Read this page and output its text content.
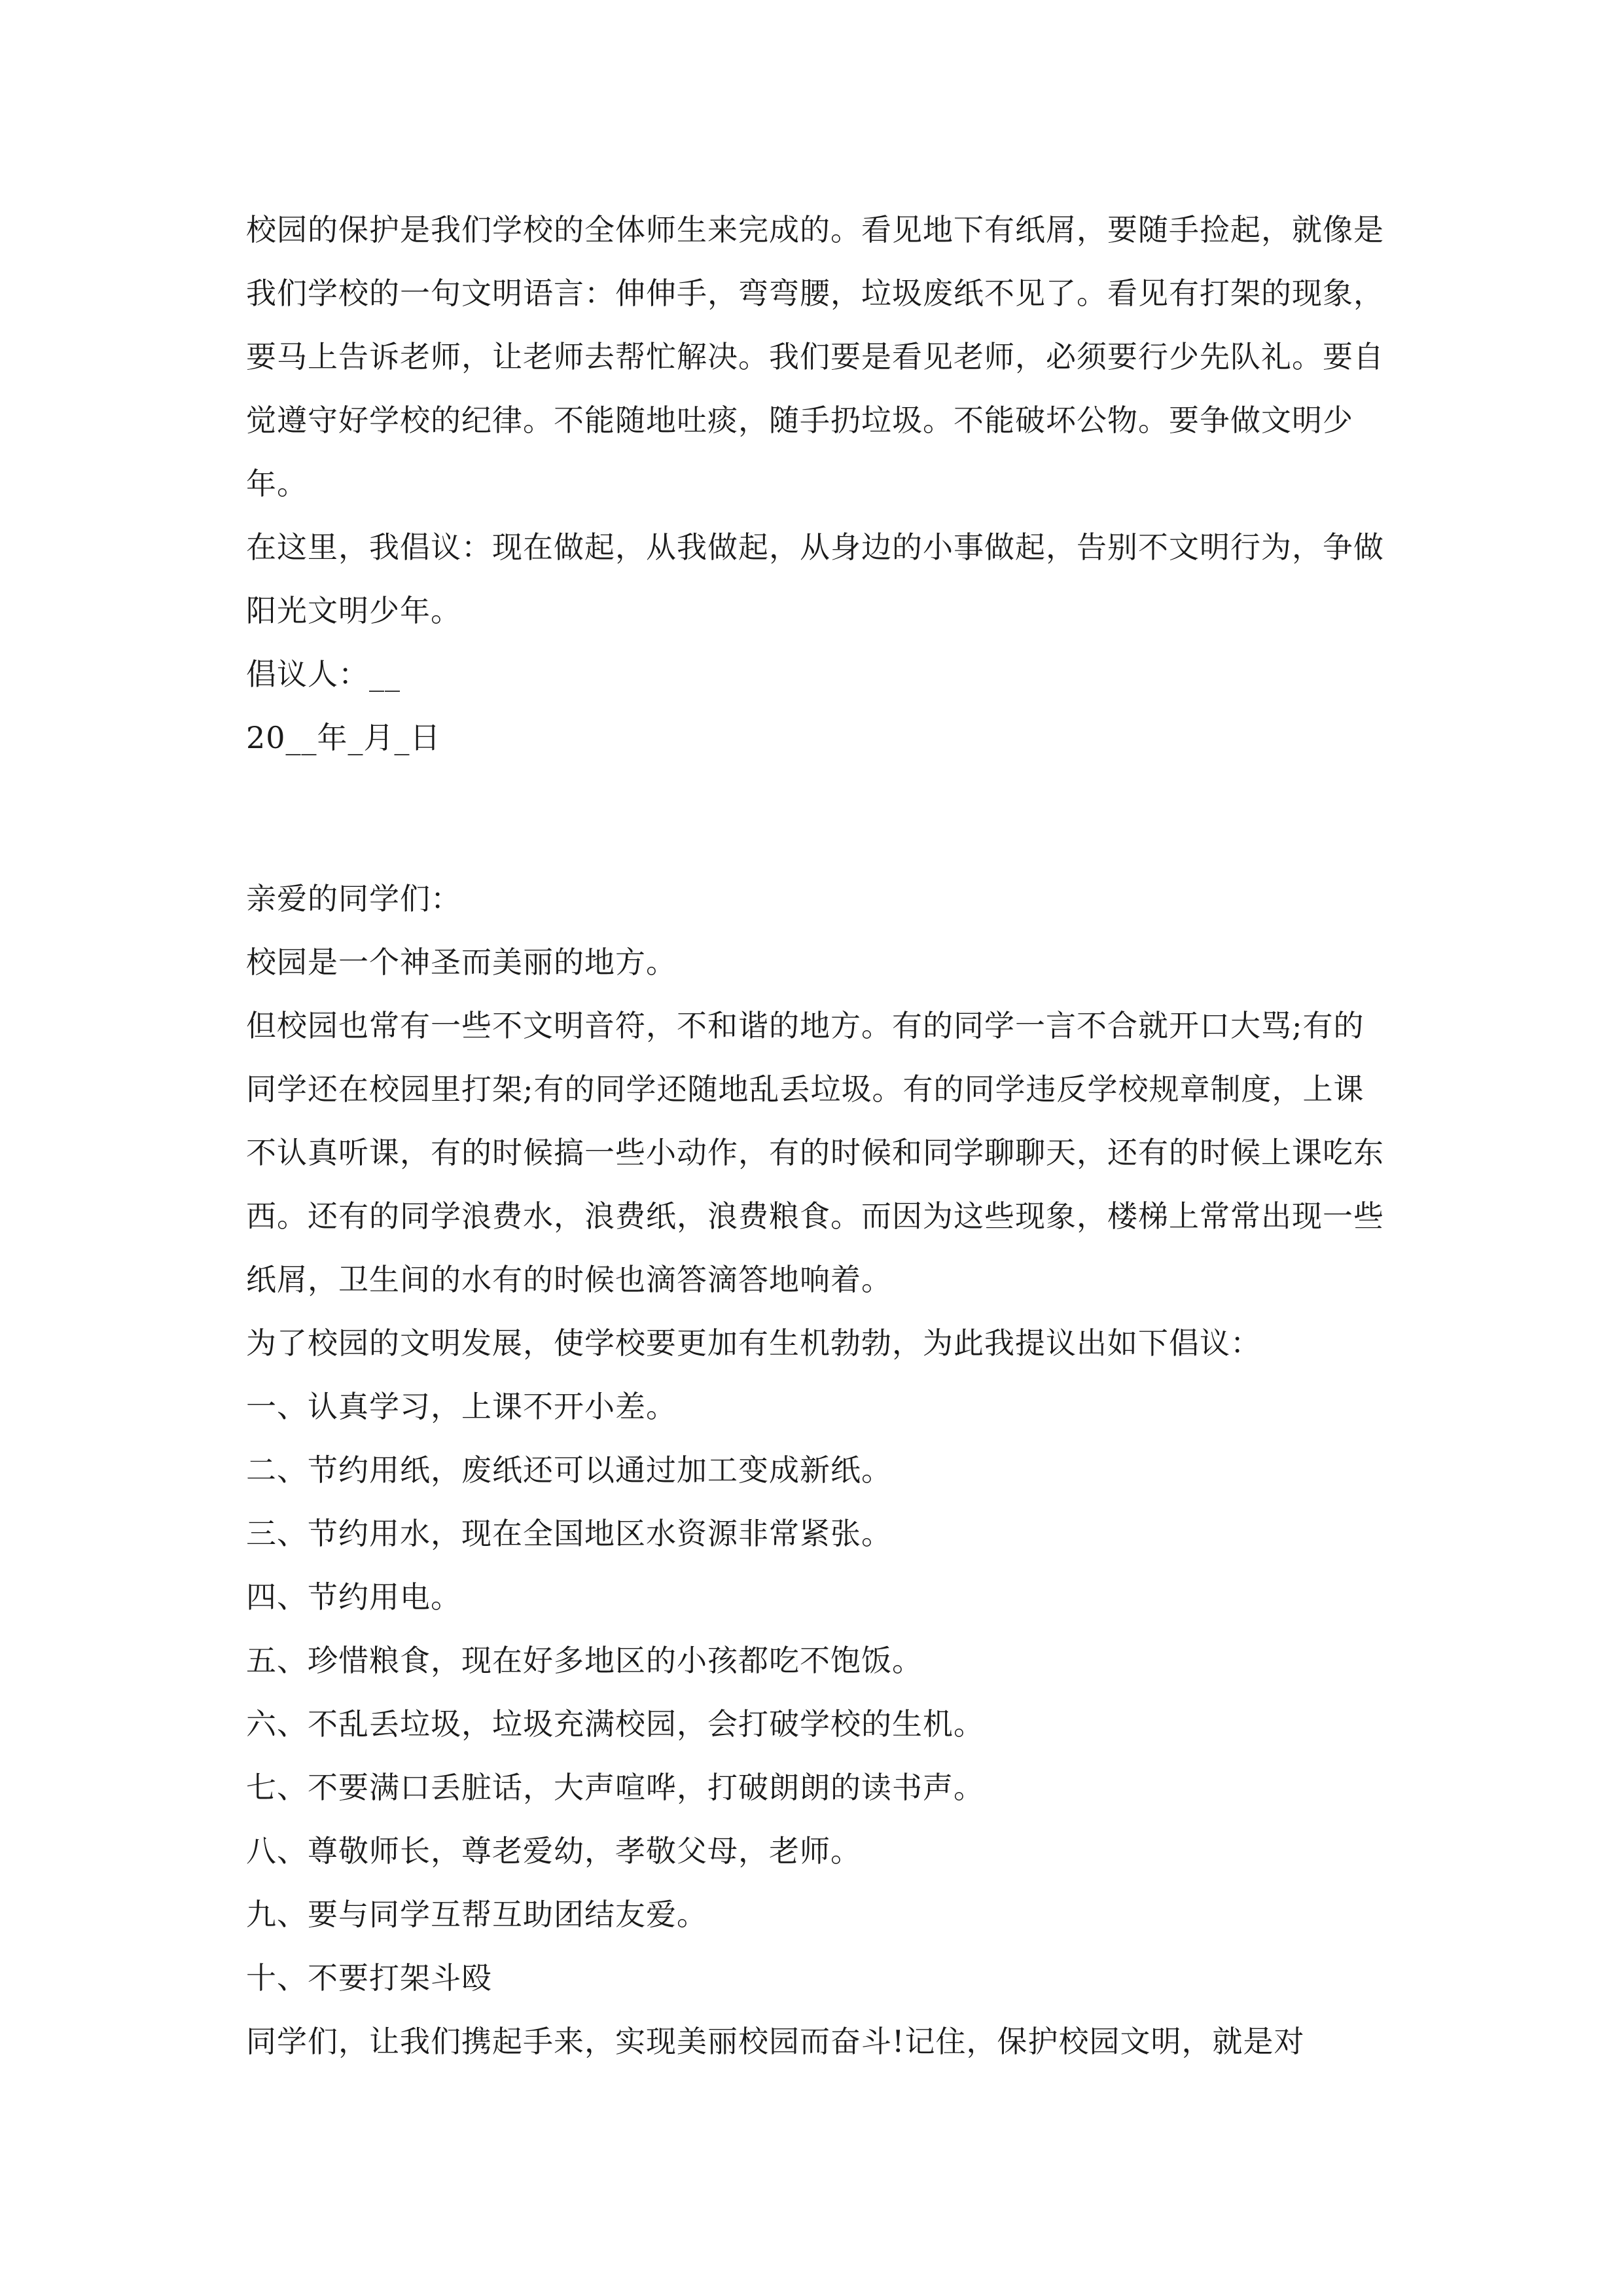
校园的保护是我们学校的全体师生来完成的。看见地下有纸屑，要随手捡起，就像是我们学校的一句文明语言：伸伸手，弯弯腰，垃圾废纸不见了。看见有打架的现象，要马上告诉老师，让老师去帮忙解决。我们要是看见老师，必须要行少先队礼。要自觉遵守好学校的纪律。不能随地吐痰，随手扔垃圾。不能破坏公物。要争做文明少年。

在这里，我倡议：现在做起，从我做起，从身边的小事做起，告别不文明行为，争做阳光文明少年。

倡议人：__

20__年_月_日

亲爱的同学们：

校园是一个神圣而美丽的地方。

但校园也常有一些不文明音符，不和谐的地方。有的同学一言不合就开口大骂;有的同学还在校园里打架;有的同学还随地乱丢垃圾。有的同学违反学校规章制度，上课不认真听课，有的时候搞一些小动作，有的时候和同学聊聊天，还有的时候上课吃东西。还有的同学浪费水，浪费纸，浪费粮食。而因为这些现象，楼梯上常常出现一些纸屑，卫生间的水有的时候也滴答滴答地响着。

为了校园的文明发展，使学校要更加有生机勃勃，为此我提议出如下倡议：

一、认真学习，上课不开小差。

二、节约用纸，废纸还可以通过加工变成新纸。

三、节约用水，现在全国地区水资源非常紧张。

四、节约用电。

五、珍惜粮食，现在好多地区的小孩都吃不饱饭。

六、不乱丢垃圾，垃圾充满校园，会打破学校的生机。

七、不要满口丢脏话，大声喧哗，打破朗朗的读书声。

八、尊敬师长，尊老爱幼，孝敬父母，老师。

九、要与同学互帮互助团结友爱。

十、不要打架斗殴

同学们，让我们携起手来，实现美丽校园而奋斗!记住，保护校园文明，就是对
